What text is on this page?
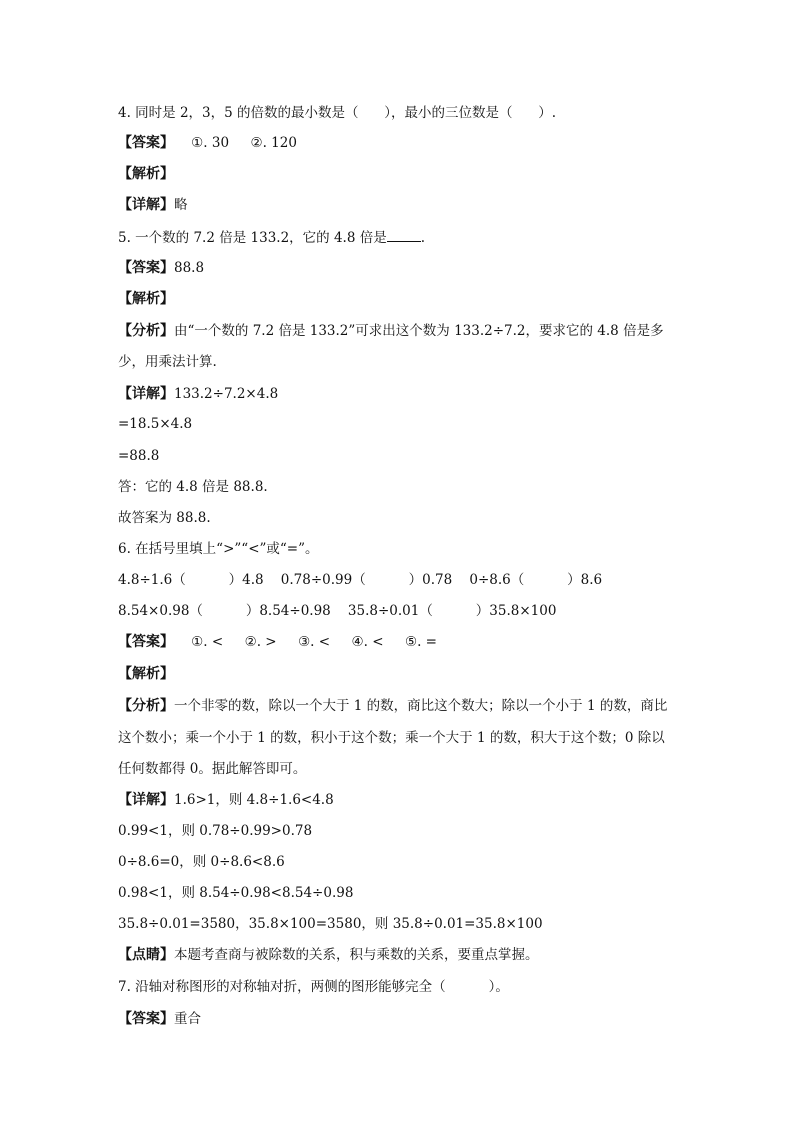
4. 同时是 2，3，5 的倍数的最小数是（      ），最小的三位数是（      ）.
【答案】    ①. 30     ②. 120
【解析】
【详解】略
5. 一个数的 7.2 倍是 133.2，它的 4.8 倍是	.
【答案】88.8
【解析】
【分析】由“一个数的 7.2 倍是 133.2”可求出这个数为 133.2÷7.2，要求它的 4.8 倍是多
少，用乘法计算.
【详解】133.2÷7.2×4.8
=18.5×4.8
=88.8
答：它的 4.8 倍是 88.8.
故答案为 88.8.
6. 在括号里填上“>”“<”或“=”。
4.8÷1.6（          ）4.8    0.78÷0.99（          ）0.78    0÷8.6（          ）8.6
8.54×0.98（          ）8.54÷0.98    35.8÷0.01（          ）35.8×100
【答案】    ①. <     ②. >     ③. <     ④. <     ⑤. =
【解析】
【分析】一个非零的数，除以一个大于 1 的数，商比这个数大；除以一个小于 1 的数，商比
这个数小；乘一个小于 1 的数，积小于这个数；乘一个大于 1 的数，积大于这个数；0 除以
任何数都得 0。据此解答即可。
【详解】1.6>1，则 4.8÷1.6<4.8
0.99<1，则 0.78÷0.99>0.78
0÷8.6=0，则 0÷8.6<8.6
0.98<1，则 8.54÷0.98<8.54÷0.98
35.8÷0.01=3580，35.8×100=3580，则 35.8÷0.01=35.8×100
【点睛】本题考查商与被除数的关系，积与乘数的关系，要重点掌握。
7. 沿轴对称图形的对称轴对折，两侧的图形能够完全（          ）。
【答案】重合
